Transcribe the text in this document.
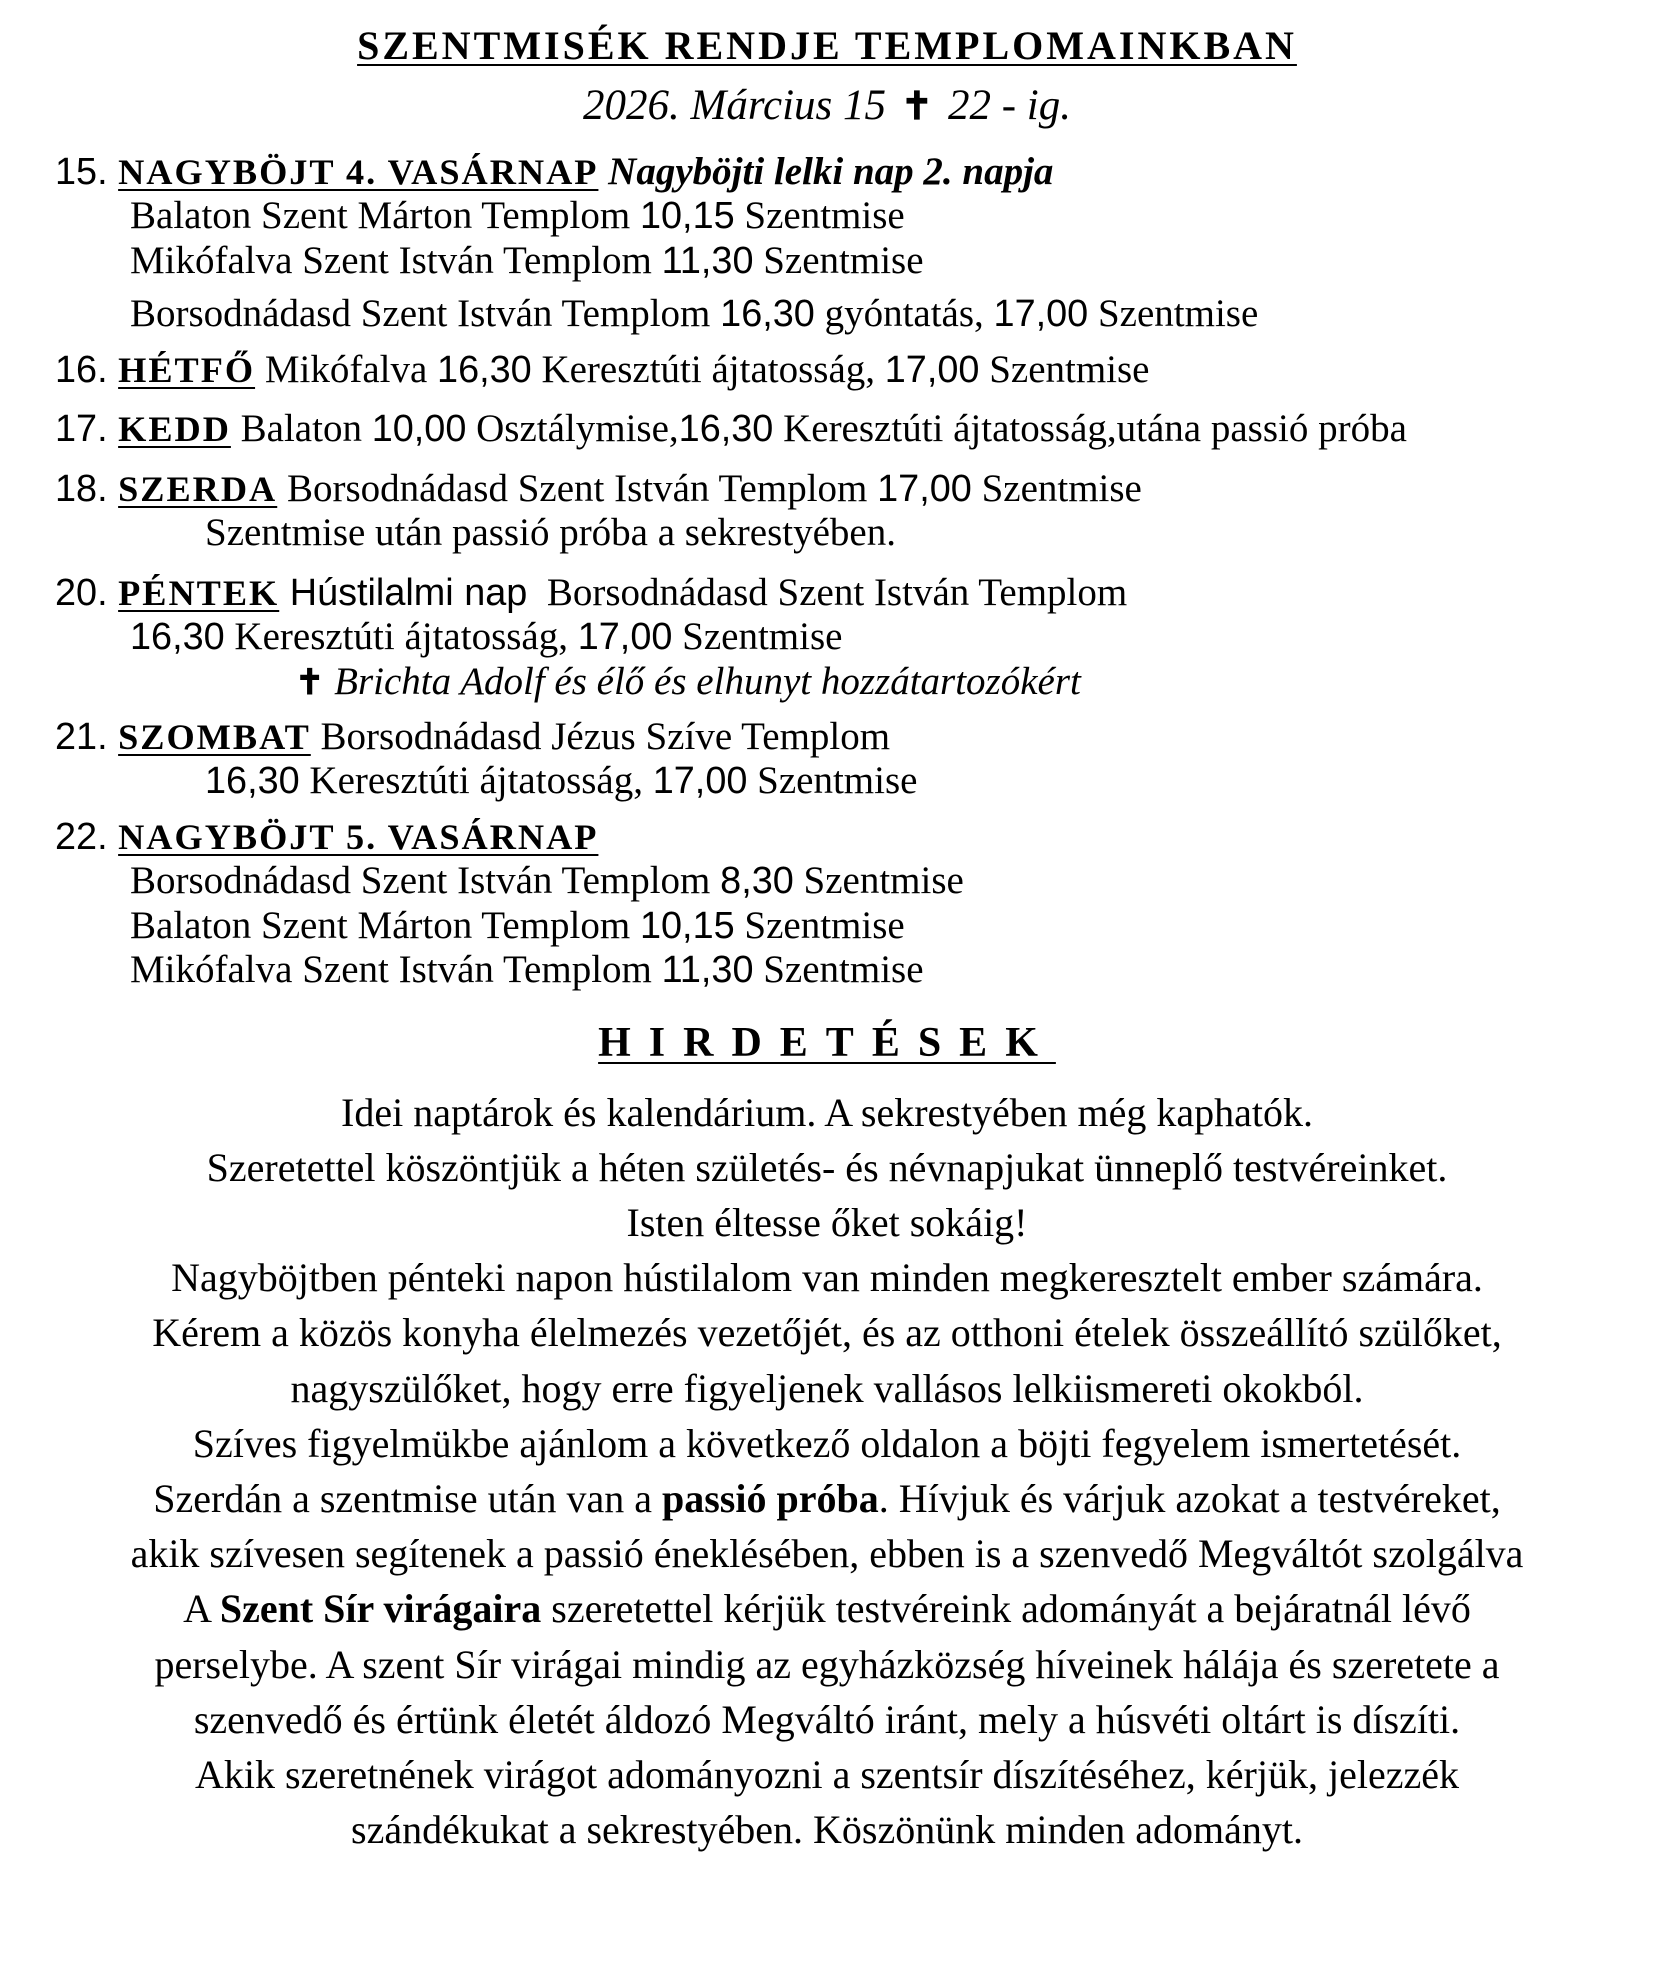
SZENTMISÉK RENDJE TEMPLOMAINKBAN
2026. Március 15 ✝ 22 - ig.
15. NAGYBÖJT 4. VASÁRNAP Nagyböjti lelki nap 2. napja
Balaton Szent Márton Templom 10,15 Szentmise
Mikófalva Szent István Templom 11,30 Szentmise
Borsodnádasd Szent István Templom 16,30 gyóntatás, 17,00 Szentmise
16. HÉTFŐ Mikófalva 16,30 Keresztúti ájtatosság, 17,00 Szentmise
17. KEDD Balaton 10,00 Osztálymise,16,30 Keresztúti ájtatosság,utána passió próba
18. SZERDA Borsodnádasd Szent István Templom 17,00 Szentmise
Szentmise után passió próba a sekrestyében.
20. PÉNTEK Hústilalmi nap  Borsodnádasd Szent István Templom
16,30 Keresztúti ájtatosság, 17,00 Szentmise
✝ Brichta Adolf és élő és elhunyt hozzátartozókért
21. SZOMBAT Borsodnádasd Jézus Szíve Templom
16,30 Keresztúti ájtatosság, 17,00 Szentmise
22. NAGYBÖJT 5. VASÁRNAP
Borsodnádasd Szent István Templom 8,30 Szentmise
Balaton Szent Márton Templom 10,15 Szentmise
Mikófalva Szent István Templom 11,30 Szentmise
HIRDETÉSEK
Idei naptárok és kalendárium. A sekrestyében még kaphatók.
Szeretettel köszöntjük a héten születés- és névnapjukat ünneplő testvéreinket.
Isten éltesse őket sokáig!
Nagyböjtben pénteki napon hústilalom van minden megkeresztelt ember számára.
Kérem a közös konyha élelmezés vezetőjét, és az otthoni ételek összeállító szülőket,
nagyszülőket, hogy erre figyeljenek vallásos lelkiismereti okokból.
Szíves figyelmükbe ajánlom a következő oldalon a böjti fegyelem ismertetését.
Szerdán a szentmise után van a passió próba. Hívjuk és várjuk azokat a testvéreket,
akik szívesen segítenek a passió éneklésében, ebben is a szenvedő Megváltót szolgálva
A Szent Sír virágaira szeretettel kérjük testvéreink adományát a bejáratnál lévő
perselybe. A szent Sír virágai mindig az egyházközség híveinek hálája és szeretete a
szenvedő és értünk életét áldozó Megváltó iránt, mely a húsvéti oltárt is díszíti.
Akik szeretnének virágot adományozni a szentsír díszítéséhez, kérjük, jelezzék
szándékukat a sekrestyében. Köszönünk minden adományt.
